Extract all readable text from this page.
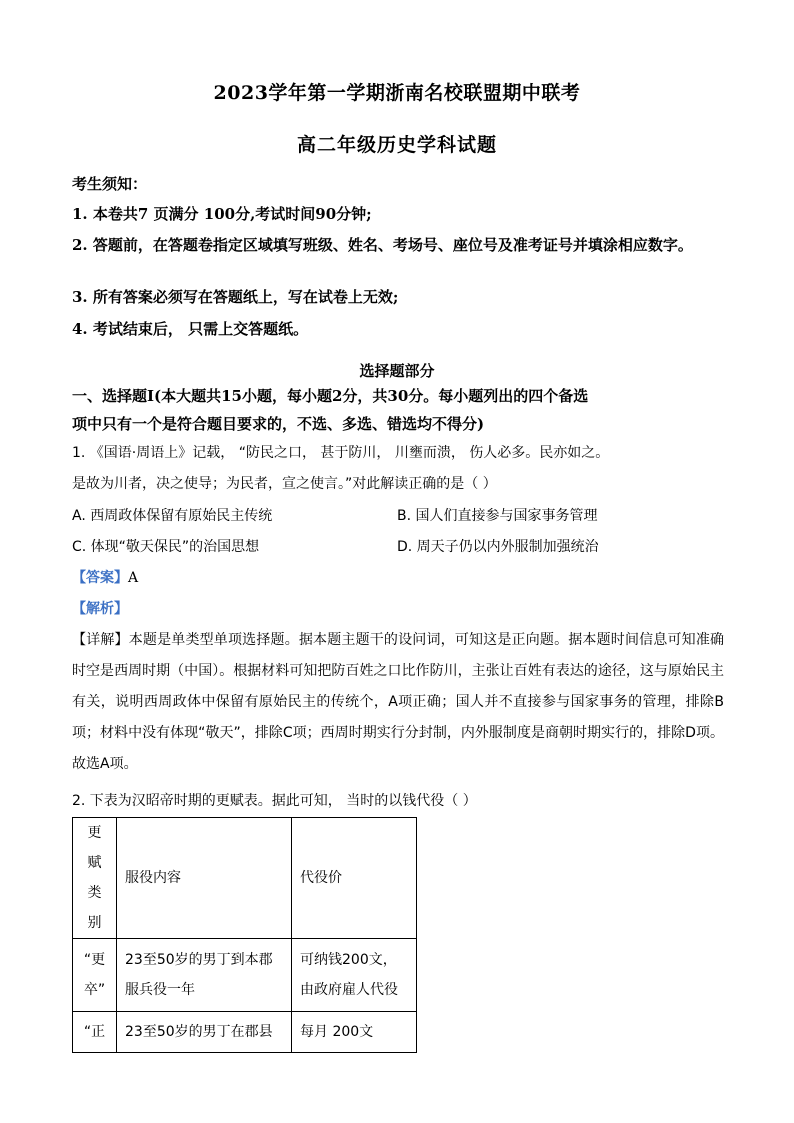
2023学年第一学期浙南名校联盟期中联考
高二年级历史学科试题
考生须知：
1. 本卷共7 页满分 100分,考试时间90分钟;
2. 答题前，在答题卷指定区域填写班级、姓名、考场号、座位号及准考证号并填涂相应数字。
3. 所有答案必须写在答题纸上，写在试卷上无效;
4. 考试结束后， 只需上交答题纸。
选择题部分
一、选择题Ⅰ(本大题共15小题，每小题2分，共30分。每小题列出的四个备选
项中只有一个是符合题目要求的，不选、多选、错选均不得分)
1. 《国语·周语上》记载， “防民之口， 甚于防川， 川壅而溃， 伤人必多。民亦如之。
是故为川者，决之使导；为民者，宣之使言。”对此解读正确的是（ ）
A. 西周政体保留有原始民主传统	B. 国人们直接参与国家事务管理
C. 体现“敬天保民”的治国思想	D. 周天子仍以内外服制加强统治
【答案】A
【解析】
【详解】本题是单类型单项选择题。据本题主题干的设问词，可知这是正向题。据本题时间信息可知准确时空是西周时期（中国）。根据材料可知把防百姓之口比作防川，主张让百姓有表达的途径，这与原始民主有关，说明西周政体中保留有原始民主的传统个，A项正确；国人并不直接参与国家事务的管理，排除B项；材料中没有体现“敬天”，排除C项；西周时期实行分封制，内外服制度是商朝时期实行的，排除D项。故选A项。
2. 下表为汉昭帝时期的更赋表。据此可知， 当时的以钱代役（ ）
更赋类别	服役内容	代役价
“更卒”	23至50岁的男丁到本郡服兵役一年	可纳钱200文，由政府雇人代役
“正	23至50岁的男丁在郡县	每月 200文
